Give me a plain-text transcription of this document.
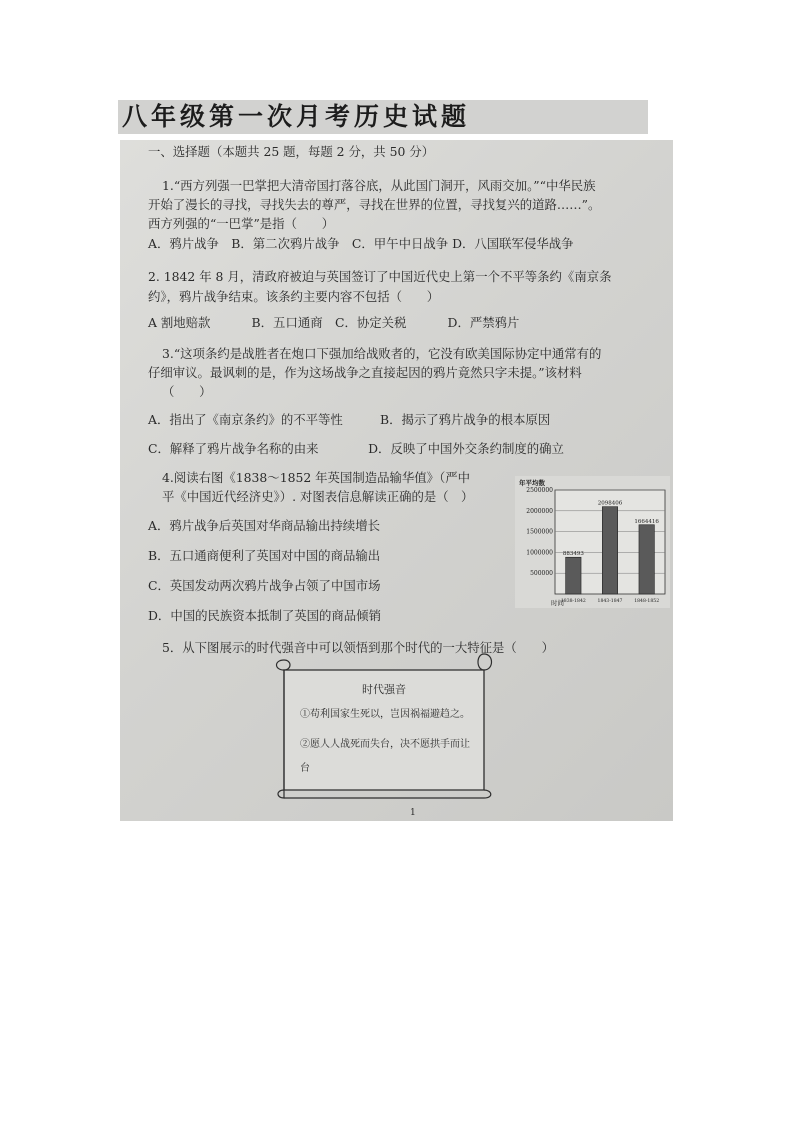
八年级第一次月考历史试题
一、选择题（本题共 25 题，每题 2 分，共 50 分）
1.“西方列强一巴掌把大清帝国打落谷底，从此国门洞开，风雨交加。”“中华民族
开始了漫长的寻找，寻找失去的尊严，寻找在世界的位置，寻找复兴的道路……”。
西方列强的“一巴掌”是指（　　）
A．鸦片战争　B．第二次鸦片战争　C．甲午中日战争 D．八国联军侵华战争
2. 1842 年 8 月，清政府被迫与英国签订了中国近代史上第一个不平等条约《南京条
约》，鸦片战争结束。该条约主要内容不包括（　　）
A 割地赔款　　　 B．五口通商　C．协定关税　　　 D．严禁鸦片
3.“这项条约是战胜者在炮口下强加给战败者的，它没有欧美国际协定中通常有的
仔细审议。最讽刺的是，作为这场战争之直接起因的鸦片竟然只字未提。”该材料
（　　）
A．指出了《南京条约》的不平等性　　　B．揭示了鸦片战争的根本原因
C．解释了鸦片战争名称的由来　　　　D．反映了中国外交条约制度的确立
4.阅读右图《1838～1852 年英国制造品输华值》（严中
平《中国近代经济史》）. 对图表信息解读正确的是（　）
A．鸦片战争后英国对华商品输出持续增长
B．五口通商便利了英国对中国的商品输出
C．英国发动两次鸦片战争占领了中国市场
D．中国的民族资本抵制了英国的商品倾销
5．从下图展示的时代强音中可以领悟到那个时代的一大特征是（　　）
年平均数
时间
2500000
2000000
1500000
1000000
500000
883493
1838-1842
2098406
1843-1847
1664416
1848-1852
时代强音
①苟利国家生死以，岂因祸福避趋之。
②愿人人战死而失台，决不愿拱手而让
台
1
